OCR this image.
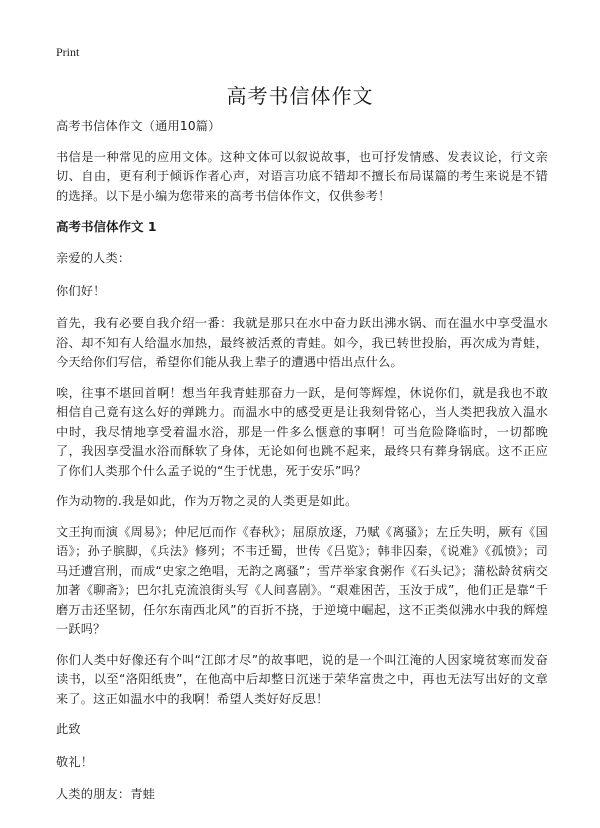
Print
高考书信体作文

高考书信体作文（通用10篇）

书信是一种常见的应用文体。这种文体可以叙说故事，也可抒发情感、发表议论，行文亲切、自由，更有利于倾诉作者心声，对语言功底不错却不擅长布局谋篇的考生来说是不错的选择。以下是小编为您带来的高考书信体作文，仅供参考！

高考书信体作文 1

亲爱的人类：

你们好！

首先，我有必要自我介绍一番：我就是那只在水中奋力跃出沸水锅、而在温水中享受温水浴、却不知有人给温水加热，最终被活煮的青蛙。如今，我已转世投胎，再次成为青蛙，今天给你们写信，希望你们能从我上辈子的遭遇中悟出点什么。

唉，往事不堪回首啊！想当年我青蛙那奋力一跃，是何等辉煌，休说你们，就是我也不敢相信自己竟有这么好的弹跳力。而温水中的感受更是让我刻骨铭心，当人类把我放入温水中时，我尽情地享受着温水浴，那是一件多么惬意的事啊！可当危险降临时，一切都晚了，我因享受温水浴而酥软了身体，无论如何也跳不起来，最终只有葬身锅底。这不正应了你们人类那个什么孟子说的“生于忧患，死于安乐”吗？

作为动物的.我是如此，作为万物之灵的人类更是如此。

文王拘而演《周易》；仲尼厄而作《春秋》；屈原放逐，乃赋《离骚》；左丘失明，厥有《国语》；孙子膑脚，《兵法》修列；不韦迁蜀，世传《吕览》；韩非囚秦，《说难》《孤愤》；司马迁遭宫刑，而成“史家之绝唱，无韵之离骚”；雪芹举家食粥作《石头记》；蒲松龄贫病交加著《聊斋》；巴尔扎克流浪街头写《人间喜剧》。“艰难困苦，玉汝于成”，他们正是靠“千磨万击还坚韧，任尔东南西北风”的百折不挠，于逆境中崛起，这不正类似沸水中我的辉煌一跃吗？

你们人类中好像还有个叫“江郎才尽”的故事吧，说的是一个叫江淹的人因家境贫寒而发奋读书，以至“洛阳纸贵”，在他高中后却整日沉迷于荣华富贵之中，再也无法写出好的文章来了。这正如温水中的我啊！希望人类好好反思！

此致

敬礼！

人类的朋友：青蛙
